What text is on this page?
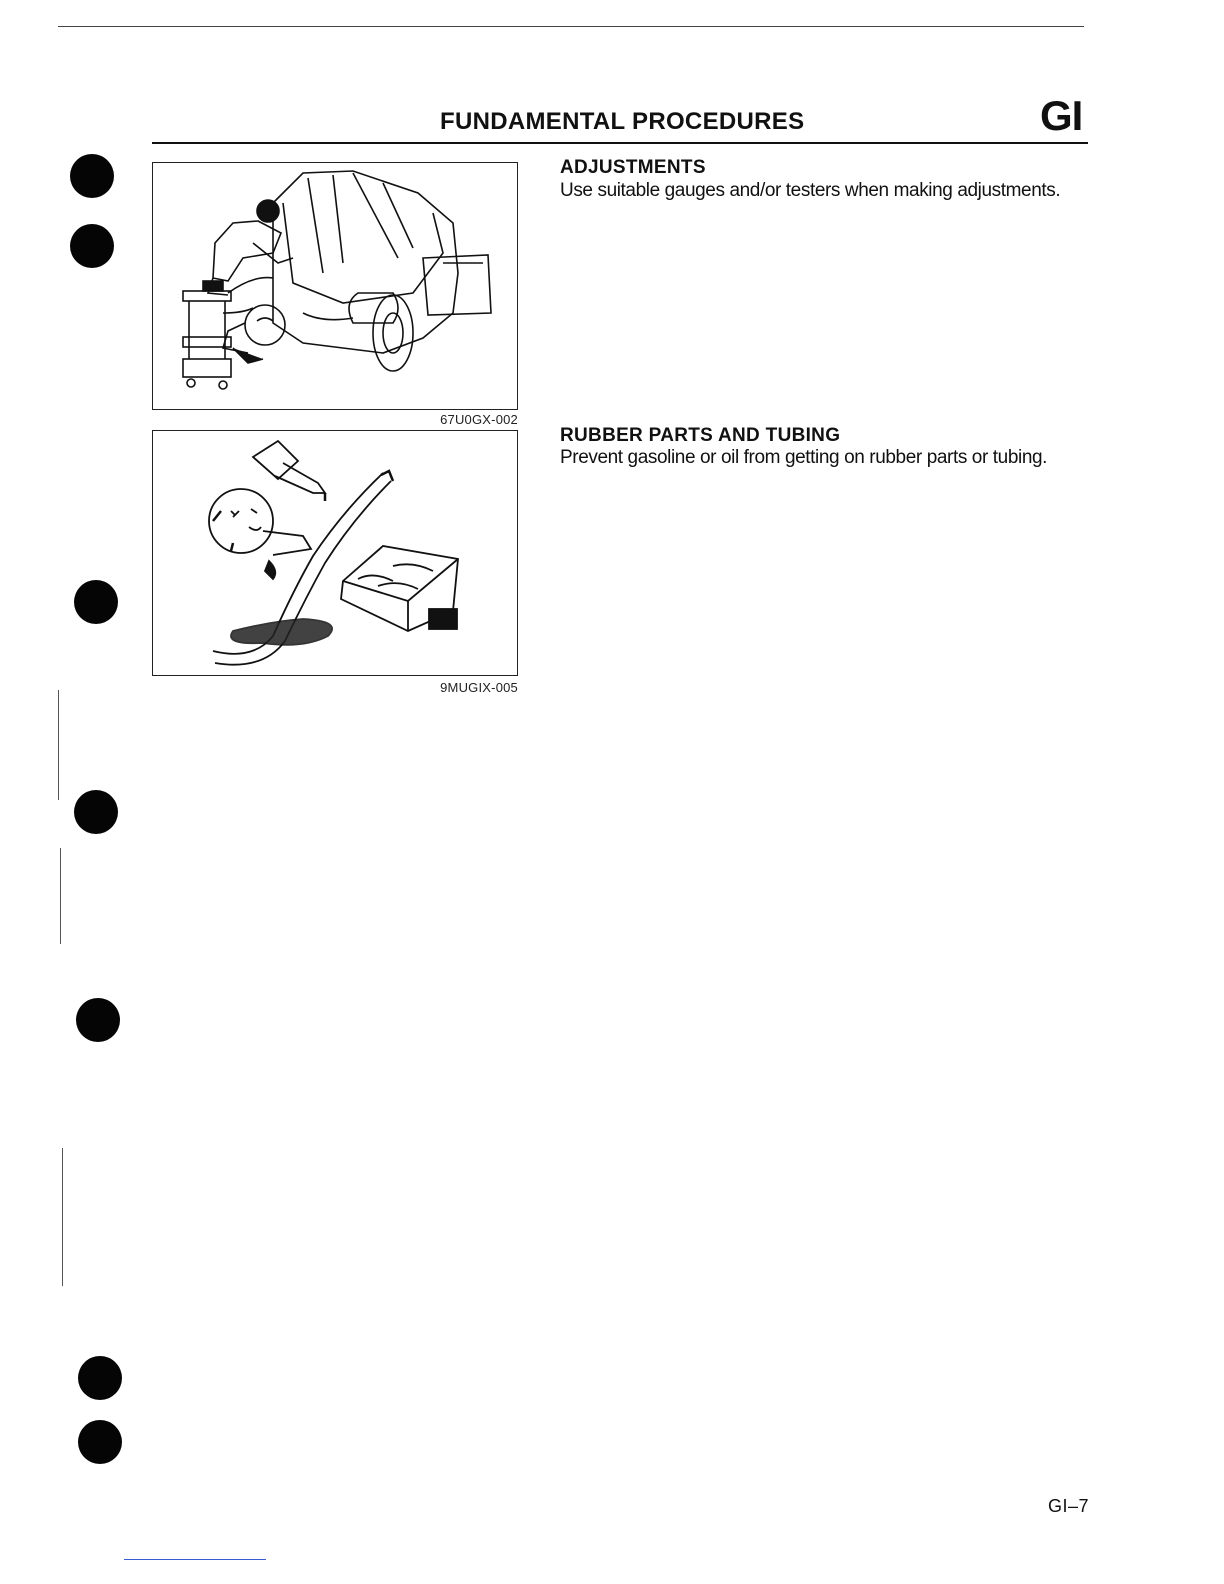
FUNDAMENTAL PROCEDURES	GI
67U0GX-002
9MUGIX-005
ADJUSTMENTS
Use suitable gauges and/or testers when making adjustments.
RUBBER PARTS AND TUBING
Prevent gasoline or oil from getting on rubber parts or tubing.
GI–7
